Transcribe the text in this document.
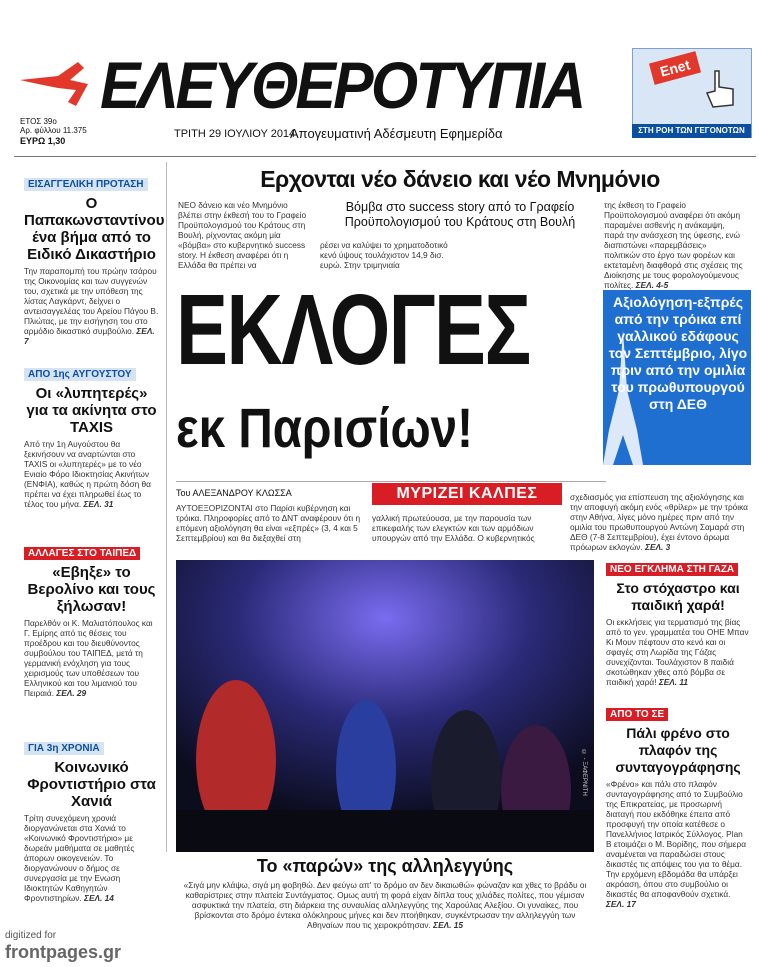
ΕΛΕΥΘΕΡΟΤΥΠΙΑ
ΕΤΟΣ 39ο
Αρ. φύλλου 11.375
ΕΥΡΩ 1,30
ΤΡΙΤΗ 29 ΙΟΥΛΙΟΥ 2014
Απογευματινή Αδέσμευτη Εφημερίδα
Enet
ΣΤΗ ΡΟΗ ΤΩΝ ΓΕΓΟΝΟΤΩΝ
ΕΙΣΑΓΓΕΛΙΚΗ ΠΡΟΤΑΣΗ
Ο Παπακωνσταντίνου ένα βήμα από το Ειδικό Δικαστήριο
Την παραπομπή του πρώην τσάρου της Οικονομίας και των συγγενών του, σχετικά με την υπόθεση της λίστας Λαγκάρντ, δείχνει ο αντεισαγγελέας του Αρείου Πάγου Β. Πλιώτας, με την εισήγηση του στο αρμόδιο δικαστικό συμβούλιο. ΣΕΛ. 7
ΑΠΟ 1ης ΑΥΓΟΥΣΤΟΥ
Οι «λυπητερές» για τα ακίνητα στο TAXIS
Από την 1η Αυγούστου θα ξεκινήσουν να αναρτώνται στο TAXIS οι «λυπητερές» με το νέο Ενιαίο Φόρο Ιδιοκτησίας Ακινήτων (ΕΝΦΙΑ), καθώς η πρώτη δόση θα πρέπει να έχει πληρωθεί έως το τέλος του μήνα. ΣΕΛ. 31
ΑΛΛΑΓΕΣ ΣΤΟ ΤΑΙΠΕΔ
«Εβηξε» το Βερολίνο και τους ξήλωσαν!
Παρελθόν οι Κ. Μαλιατόπουλος και Γ. Εμίρης από τις θέσεις του προέδρου και του διευθύνοντος συμβούλου του ΤΑΙΠΕΔ, μετά τη γερμανική ενόχληση για τους χειρισμούς των υποθέσεων του Ελληνικού και του λιμανιού του Πειραιά. ΣΕΛ. 29
ΓΙΑ 3η ΧΡΟΝΙΑ
Κοινωνικό Φροντιστήριο στα Χανιά
Τρίτη συνεχόμενη χρονιά διοργανώνεται στα Χανιά το «Κοινωνικό Φροντιστήριο» με δωρεάν μαθήματα σε μαθητές άπορων οικογενειών. Το διοργανώνουν ο δήμος σε συνεργασία με την Ενωση Ιδιοκτητών Καθηγητών Φροντιστηρίων. ΣΕΛ. 14
Ερχονται νέο δάνειο και νέο Μνημόνιο
ΝΕΟ δάνειο και νέο Μνημόνιο βλέπει στην έκθεσή του το Γραφείο Προϋπολογισμού του Κράτους στη Βουλή, ρίχνοντας ακόμη μία «βόμβα» στο κυβερνητικό success story. Η έκθεση αναφέρει ότι η Ελλάδα θα πρέπει να
Βόμβα στο success story από το Γραφείο Προϋπολογισμού του Κράτους στη Βουλή
ρέσει να καλύψει το χρηματοδοτικό κενό ύψους τουλάχιστον 14,9 δισ. ευρώ. Στην τριμηνιαία
της έκθεση το Γραφείο Προϋπολογισμού αναφέρει ότι ακόμη παραμένει ασθενής η ανάκαμψη, παρά την ανάσχεση της ύφεσης, ενώ διαπιστώνει «παρεμβάσεις» πολιτικών στο έργο των φορέων και εκτεταμένη διαφθορά στις σχέσεις της Διοίκησης με τους φορολογούμενους πολίτες. ΣΕΛ. 4-5
ΕΚΛΟΓΕΣ
εκ Παρισίων!
Αξιολόγηση-εξπρές από την τρόικα επί γαλλικού εδάφους τον Σεπτέμβριο, λίγο πριν από την ομιλία του πρωθυπουργού στη ΔΕΘ
Του ΑΛΕΞΑΝΔΡΟΥ ΚΛΩΣΣΑ	ΜΥΡΙΖΕΙ ΚΑΛΠΕΣ
ΑΥΤΟΕΞΟΡΙΖΟΝΤΑΙ στο Παρίσι κυβέρνηση και τρόικα. Πληροφορίες από το ΔΝΤ αναφέρουν ότι η επόμενη αξιολόγηση θα είναι «εξπρές» (3, 4 και 5 Σεπτεμβρίου) και θα διεξαχθεί στη
γαλλική πρωτεύουσα, με την παρουσία των επικεφαλής των ελεγκτών και των αρμόδιων υπουργών από την Ελλάδα. Ο κυβερνητικός
σχεδιασμός για επίσπευση της αξιολόγησης και την αποφυγή ακόμη ενός «θρίλερ» με την τρόικα στην Αθήνα, λίγες μόνο ημέρες πριν από την ομιλία του πρωθυπουργού Αντώνη Σαμαρά στη ΔΕΘ (7-8 Σεπτεμβρίου), έχει έντονο άρωμα πρόωρων εκλογών. ΣΕΛ. 3
© - ΞΑΦΕΡΝΙΤΗ
Το «παρών» της αλληλεγγύης
«Σιγά μην κλάψω, σιγά μη φοβηθώ. Δεν φεύγω απ' το δρόμο αν δεν δικαιωθώ» φώναζαν και χθες το βράδυ οι καθαρίστριες στην πλατεία Συντάγματος. Ομως αυτή τη φορά είχαν δίπλα τους χιλιάδες πολίτες, που γέμισαν ασφυκτικά την πλατεία, στη διάρκεια της συναυλίας αλληλεγγύης της Χαρούλας Αλεξίου. Οι γυναίκες, που βρίσκονται στο δρόμο έντεκα ολόκληρους μήνες και δεν πτοήθηκαν, συγκέντρωσαν την αλληλεγγύη των Αθηναίων που τις χειροκρότησαν. ΣΕΛ. 15
ΝΕΟ ΕΓΚΛΗΜΑ ΣΤΗ ΓΑΖΑ
Στο στόχαστρο και παιδική χαρά!
Οι εκκλήσεις για τερματισμό της βίας από το γεν. γραμματέα του ΟΗΕ Μπαν Κι Μουν πέφτουν στο κενό και οι σφαγές στη Λωρίδα της Γάζας συνεχίζονται. Τουλάχιστον 8 παιδιά σκοτώθηκαν χθες από βόμβα σε παιδική χαρά! ΣΕΛ. 11
ΑΠΟ ΤΟ ΣΕ
Πάλι φρένο στο πλαφόν της συνταγογράφησης
«Φρένο» και πάλι στο πλαφόν συνταγογράφησης από το Συμβούλιο της Επικρατείας, με προσωρινή διαταγή που εκδόθηκε έπειτα από προσφυγή την οποία κατέθεσε ο Πανελλήνιος Ιατρικός Σύλλογος. Plan B ετοιμάζει ο Μ. Βορίδης, που σήμερα αναμένεται να παραδώσει στους δικαστές τις απόψεις του για το θέμα. Την ερχόμενη εβδομάδα θα υπάρξει ακρόαση, όπου στο συμβούλιο οι δικαστές θα αποφανθούν σχετικά. ΣΕΛ. 17
digitized for
frontpages.gr
